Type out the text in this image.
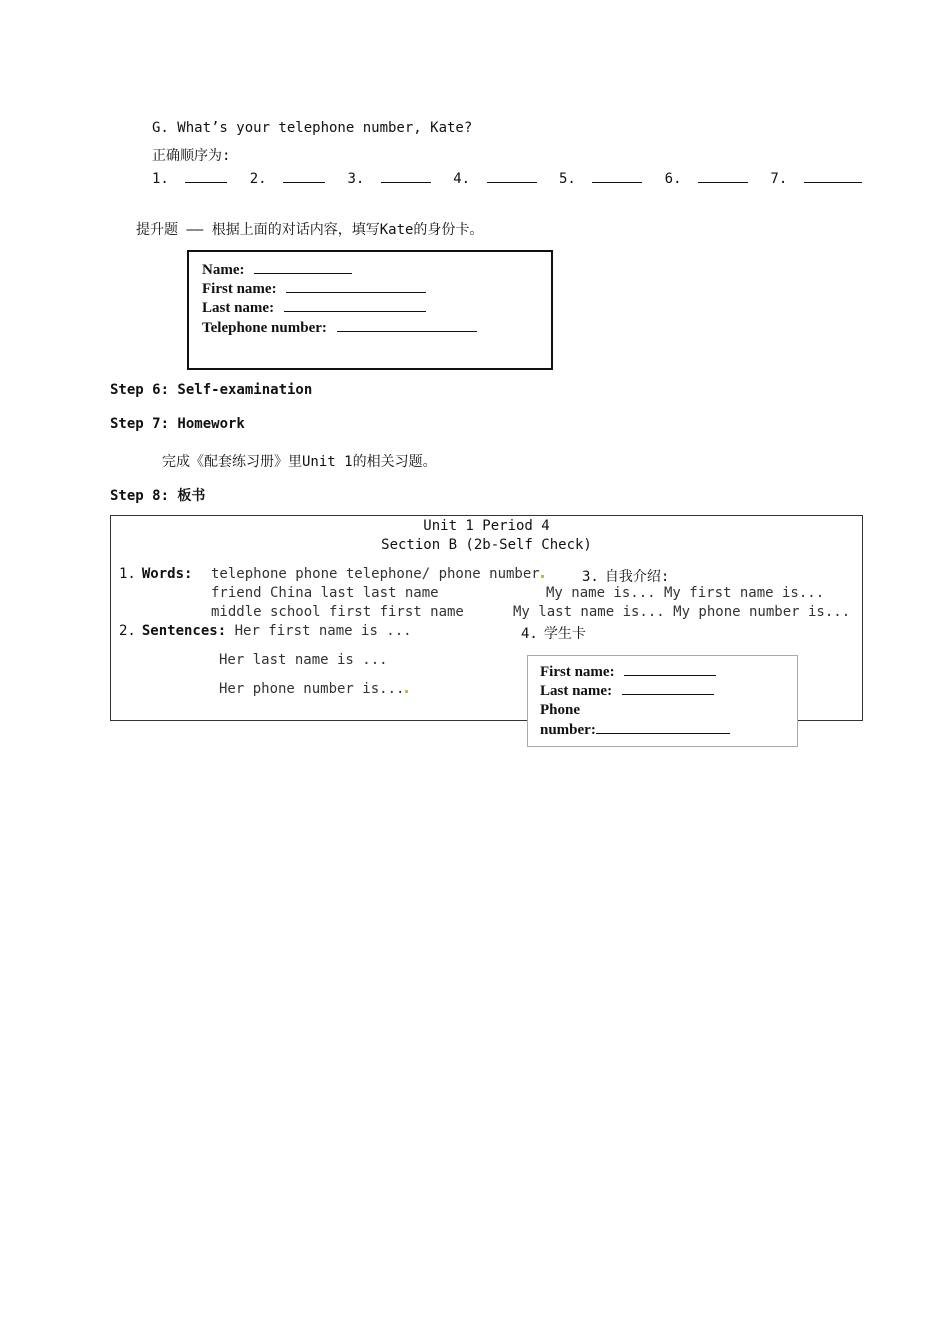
G. What’s your telephone number, Kate?
正确顺序为:
1.	2.	3.	4.	5.	6.	7.
提升题 —— 根据上面的对话内容，填写Kate的身份卡。
Name:
First name:
Last name:
Telephone number:
Step 6: Self-examination
Step 7: Homework
完成《配套练习册》里Unit 1的相关习题。
Step 8: 板书
Unit 1 Period 4
Section B (2b-Self Check)
1. Words: telephone phone telephone/ phone number
friend China last last name
middle school first first name
3. 自我介绍:
My name is... My first name is...
My last name is... My phone number is...
2. Sentences: Her first name is ...
Her last name is ...
Her phone number is...
4. 学生卡
First name:
Last name:
Phone
number:
